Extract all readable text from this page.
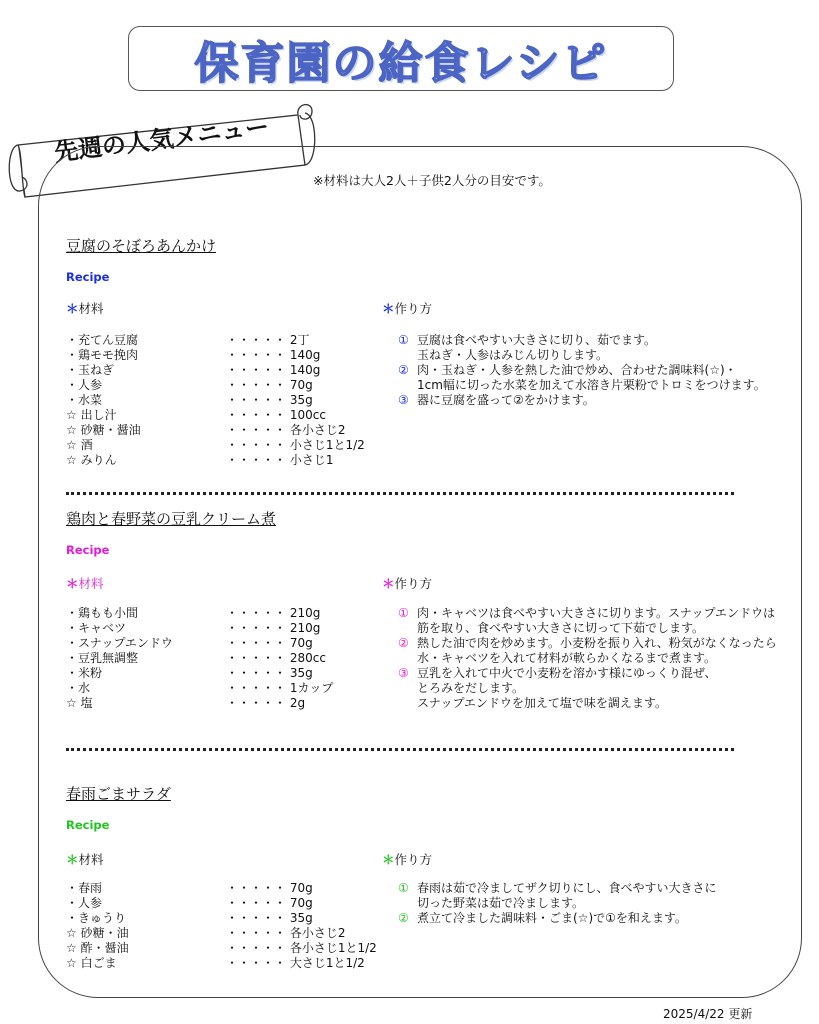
保育園の給食レシピ
先週の人気メニュー
※材料は大人2人＋子供2人分の目安です。
豆腐のそぼろあんかけ
Recipe
＊材料	＊作り方
・充てん豆腐	・・・・・ 2丁
・鶏モモ挽肉	・・・・・ 140g
・玉ねぎ	・・・・・ 140g
・人参	・・・・・ 70g
・水菜	・・・・・ 35g
☆ 出し汁	・・・・・ 100cc
☆ 砂糖・醤油	・・・・・ 各小さじ2
☆ 酒	・・・・・ 小さじ1と1/2
☆ みりん	・・・・・ 小さじ1
① 豆腐は食べやすい大きさに切り、茹でます。
玉ねぎ・人参はみじん切りします。
② 肉・玉ねぎ・人参を熱した油で炒め、合わせた調味料(☆)・
1cm幅に切った水菜を加えて水溶き片栗粉でトロミをつけます。
③ 器に豆腐を盛って②をかけます。
鶏肉と春野菜の豆乳クリーム煮
Recipe
＊材料	＊作り方
・鶏もも小間	・・・・・ 210g
・キャベツ	・・・・・ 210g
・スナップエンドウ	・・・・・ 70g
・豆乳無調整	・・・・・ 280cc
・米粉	・・・・・ 35g
・水	・・・・・ 1カップ
☆ 塩	・・・・・ 2g
① 肉・キャベツは食べやすい大きさに切ります。スナップエンドウは
筋を取り、食べやすい大きさに切って下茹でします。
② 熱した油で肉を炒めます。小麦粉を振り入れ、粉気がなくなったら
水・キャベツを入れて材料が軟らかくなるまで煮ます。
③ 豆乳を入れて中火で小麦粉を溶かす様にゆっくり混ぜ、
とろみをだします。
スナップエンドウを加えて塩で味を調えます。
春雨ごまサラダ
Recipe
＊材料	＊作り方
・春雨	・・・・・ 70g
・人参	・・・・・ 70g
・きゅうり	・・・・・ 35g
☆ 砂糖・油	・・・・・ 各小さじ2
☆ 酢・醤油	・・・・・ 各小さじ1と1/2
☆ 白ごま	・・・・・ 大さじ1と1/2
① 春雨は茹で冷ましてザク切りにし、食べやすい大きさに
切った野菜は茹で冷まします。
② 煮立て冷ました調味料・ごま(☆)で①を和えます。
2025/4/22 更新
